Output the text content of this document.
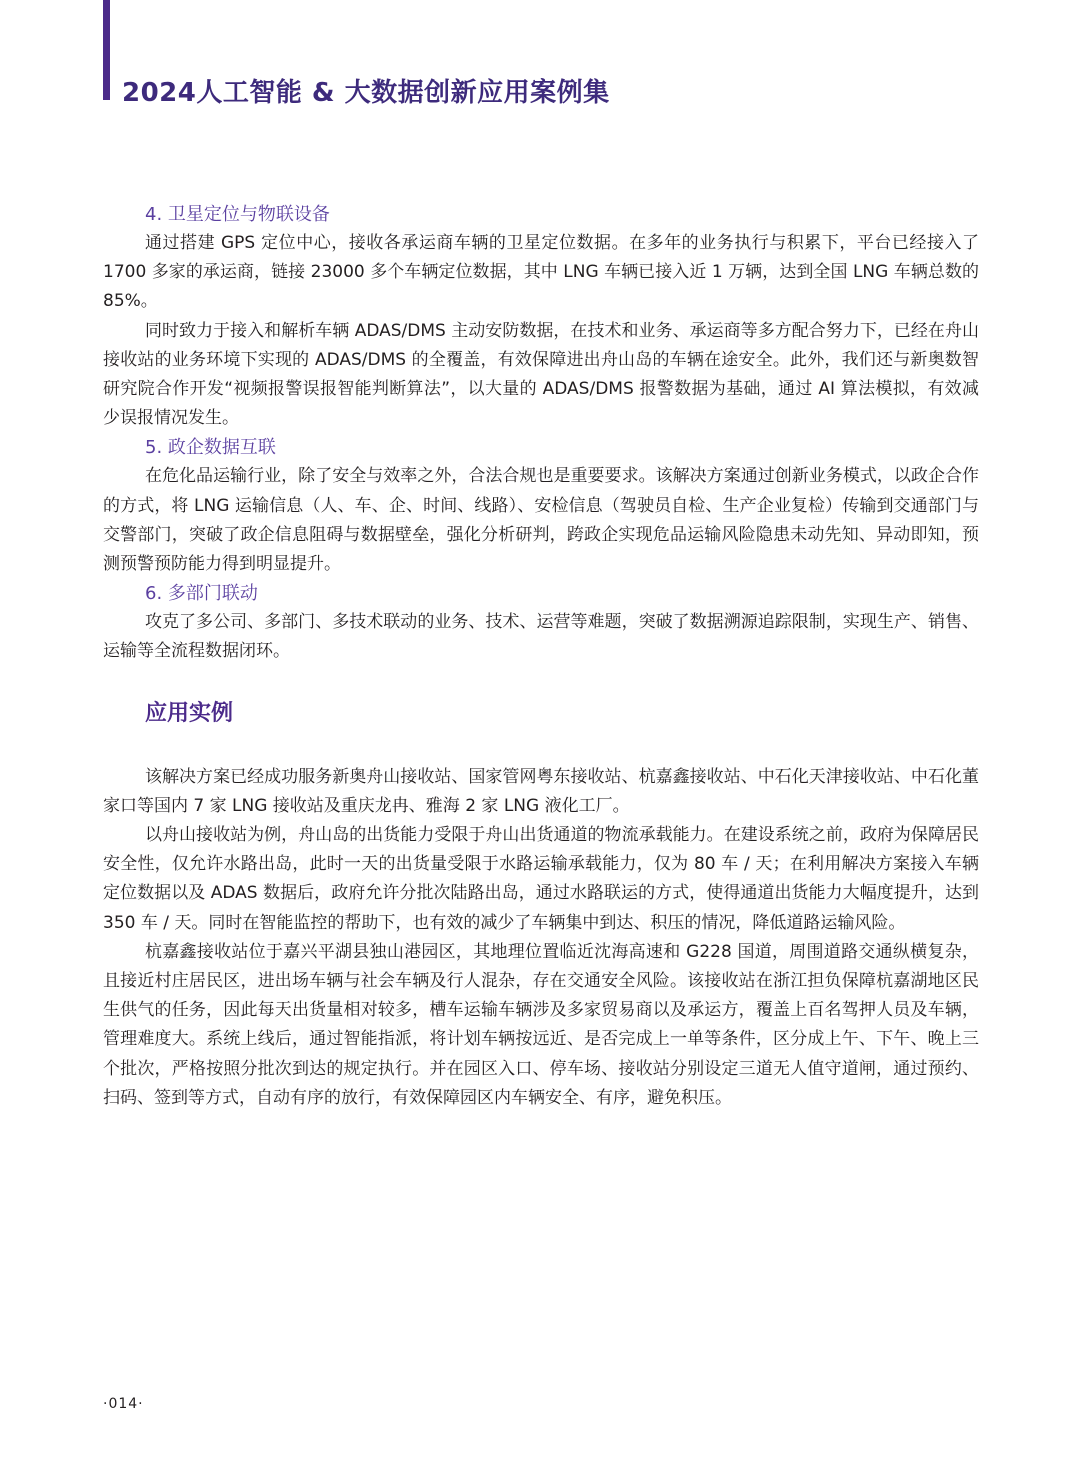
2024人工智能 & 大数据创新应用案例集
4. 卫星定位与物联设备

通过搭建 GPS 定位中心，接收各承运商车辆的卫星定位数据。在多年的业务执行与积累下，平台已经接入了 1700 多家的承运商，链接 23000 多个车辆定位数据，其中 LNG 车辆已接入近 1 万辆，达到全国 LNG 车辆总数的 85%。

同时致力于接入和解析车辆 ADAS/DMS 主动安防数据，在技术和业务、承运商等多方配合努力下，已经在舟山接收站的业务环境下实现的 ADAS/DMS 的全覆盖，有效保障进出舟山岛的车辆在途安全。此外，我们还与新奥数智研究院合作开发“视频报警误报智能判断算法”，以大量的 ADAS/DMS 报警数据为基础，通过 AI 算法模拟，有效减少误报情况发生。

5. 政企数据互联

在危化品运输行业，除了安全与效率之外，合法合规也是重要要求。该解决方案通过创新业务模式，以政企合作的方式，将 LNG 运输信息（人、车、企、时间、线路）、安检信息（驾驶员自检、生产企业复检）传输到交通部门与交警部门，突破了政企信息阻碍与数据壁垒，强化分析研判，跨政企实现危品运输风险隐患未动先知、异动即知，预测预警预防能力得到明显提升。

6. 多部门联动

攻克了多公司、多部门、多技术联动的业务、技术、运营等难题，突破了数据溯源追踪限制，实现生产、销售、运输等全流程数据闭环。

应用实例

该解决方案已经成功服务新奥舟山接收站、国家管网粤东接收站、杭嘉鑫接收站、中石化天津接收站、中石化董家口等国内 7 家 LNG 接收站及重庆龙冉、雅海 2 家 LNG 液化工厂。

以舟山接收站为例，舟山岛的出货能力受限于舟山出货通道的物流承载能力。在建设系统之前，政府为保障居民安全性，仅允许水路出岛，此时一天的出货量受限于水路运输承载能力，仅为 80 车 / 天；在利用解决方案接入车辆定位数据以及 ADAS 数据后，政府允许分批次陆路出岛，通过水路联运的方式，使得通道出货能力大幅度提升，达到 350 车 / 天。同时在智能监控的帮助下，也有效的减少了车辆集中到达、积压的情况，降低道路运输风险。

杭嘉鑫接收站位于嘉兴平湖县独山港园区，其地理位置临近沈海高速和 G228 国道，周围道路交通纵横复杂，且接近村庄居民区，进出场车辆与社会车辆及行人混杂，存在交通安全风险。该接收站在浙江担负保障杭嘉湖地区民生供气的任务，因此每天出货量相对较多，槽车运输车辆涉及多家贸易商以及承运方，覆盖上百名驾押人员及车辆，管理难度大。系统上线后，通过智能指派，将计划车辆按远近、是否完成上一单等条件，区分成上午、下午、晚上三个批次，严格按照分批次到达的规定执行。并在园区入口、停车场、接收站分别设定三道无人值守道闸，通过预约、扫码、签到等方式，自动有序的放行，有效保障园区内车辆安全、有序，避免积压。

·014·
